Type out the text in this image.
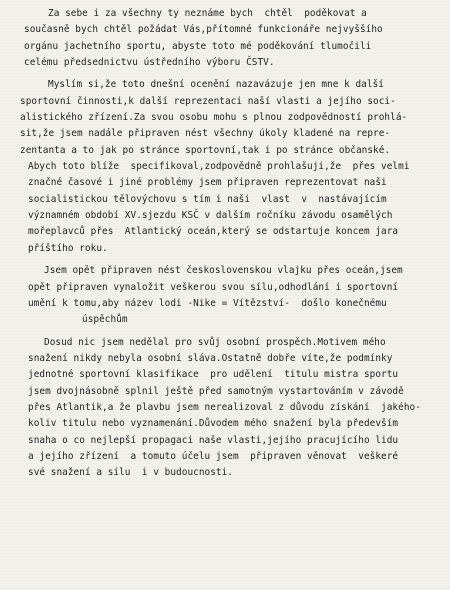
Za sebe i za všechny ty neznáme bych  chtěl  poděkovat a
současně bych chtěl požádat Vás,přítomné funkcionáře nejvyššího
orgánu jachetního sportu, abyste toto mé poděkování tlumočili
celému předsednictvu ústředního výboru ČSTV.
Myslím si,že toto dnešní ocenění nazavázuje jen mne k další
sportovní činnosti,k další reprezentaci naší vlasti a jejího soci-
alistického zřízení.Za svou osobu mohu s plnou zodpovědností prohlá-
sit,že jsem nadále připraven nést všechny úkoly kladené na repre-
zentanta a to jak po stránce sportovní,tak i po stránce občanské.
Abych toto blíže  specifikoval,zodpovědně prohlašuji,že  přes velmi
značné časové i jiné problémy jsem připraven reprezentovat naši
socialistickou tělovýchovu s tím i naši  vlast  v  nastávajícím
významném období XV.sjezdu KSČ v dalším ročníku závodu osamělých
mořeplavců přes  Atlantický oceán,který se odstartuje koncem jara
příštího roku.
Jsem opět připraven nést československou vlajku přes oceán,jsem
opět připraven vynaložit veškerou svou sílu,odhodlání i sportovní
umění k tomu,aby název lodi -Nike = Vítězství-  došlo konečnému
úspěchům
Dosud nic jsem nedělal pro svůj osobní prospěch.Motivem mého
snažení nikdy nebyla osobní sláva.Ostatně dobře víte,že podmínky
jednotné sportovní klasifikace  pro udělení  titulu mistra sportu
jsem dvojnásobně splnil ještě před samotným vystartováním v závodě
přes Atlantik,a že plavbu jsem nerealizoval z důvodu získání  jakého-
koliv titulu nebo vyznamenání.Důvodem mého snažení byla především
snaha o co nejlepší propagaci naše vlasti,jejího pracujícího lidu
a jejího zřízení  a tomuto účelu jsem  připraven věnovat  veškeré
své snažení a sílu  i v budoucnosti.
